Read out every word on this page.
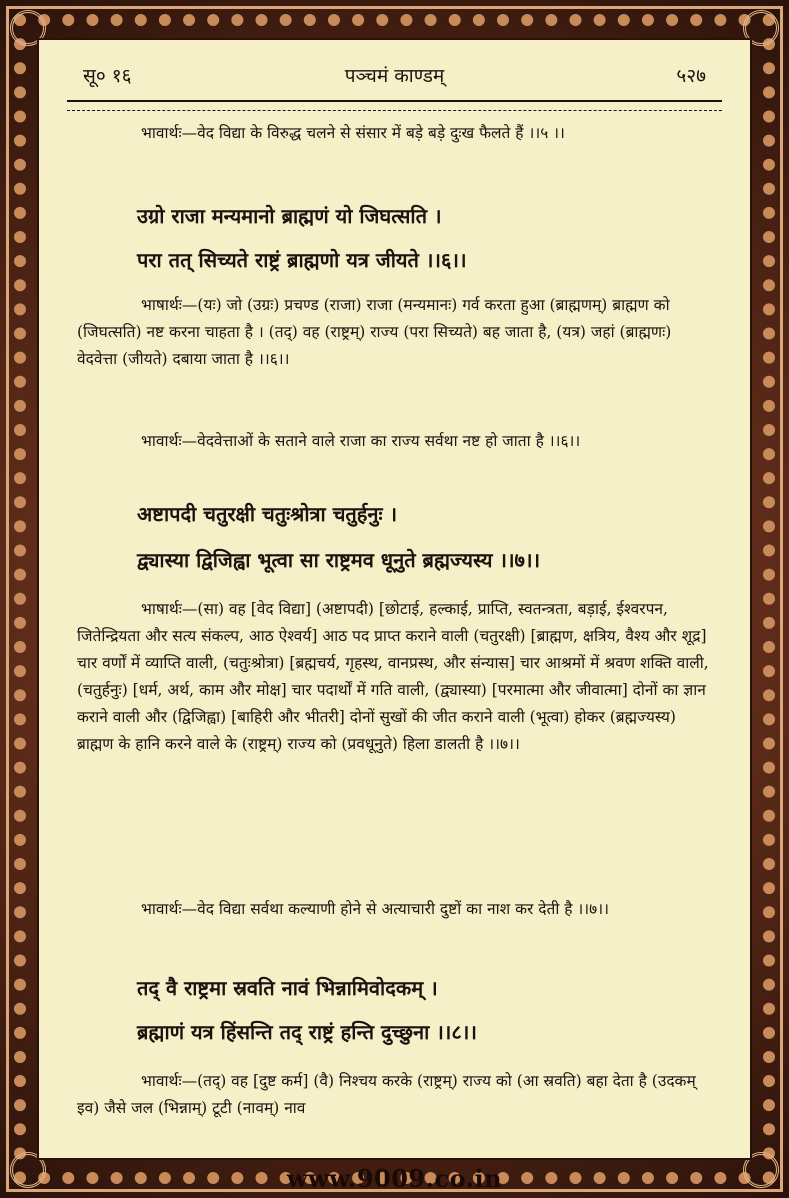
सू० १६	पञ्चमं काण्डम्	५२७
भावार्थः—वेद विद्या के विरुद्ध चलने से संसार में बड़े बड़े दुःख फैलते हैं ।।५ ।।
उग्रो राजा मन्यमानो ब्राह्मणं यो जिघत्सति ।
परा तत् सिच्यते राष्ट्रं ब्राह्मणो यत्र जीयते ।।६।।
भाषार्थः—(यः) जो (उग्रः) प्रचण्ड (राजा) राजा (मन्यमानः) गर्व करता हुआ (ब्राह्मणम्) ब्राह्मण को (जिघत्सति) नष्ट करना चाहता है । (तद्) वह (राष्ट्रम्) राज्य (परा सिच्यते) बह जाता है, (यत्र) जहां (ब्राह्मणः) वेदवेत्ता (जीयते) दबाया जाता है ।।६।।
भावार्थः—वेदवेत्ताओं के सताने वाले राजा का राज्य सर्वथा नष्ट हो जाता है ।।६।।
अष्टापदी चतुरक्षी चतुःश्रोत्रा चतुर्हनुः ।
द्व्यास्या द्विजिह्वा भूत्वा सा राष्ट्रमव धूनुते ब्रह्मज्यस्य ।।७।।
भाषार्थः—(सा) वह [वेद विद्या] (अष्टापदी) [छोटाई, हल्काई, प्राप्ति, स्वतन्त्रता, बड़ाई, ईश्वरपन, जितेन्द्रियता और सत्य संकल्प, आठ ऐश्वर्य] आठ पद प्राप्त कराने वाली (चतुरक्षी) [ब्राह्मण, क्षत्रिय, वैश्य और शूद्र] चार वर्णों में व्याप्ति वाली, (चतुःश्रोत्रा) [ब्रह्मचर्य, गृहस्थ, वानप्रस्थ, और संन्यास] चार आश्रमों में श्रवण शक्ति वाली, (चतुर्हनुः) [धर्म, अर्थ, काम और मोक्ष] चार पदार्थों में गति वाली, (द्व्यास्या) [परमात्मा और जीवात्मा] दोनों का ज्ञान कराने वाली और (द्विजिह्वा) [बाहिरी और भीतरी] दोनों सुखों की जीत कराने वाली (भूत्वा) होकर (ब्रह्मज्यस्य) ब्राह्मण के हानि करने वाले के (राष्ट्रम्) राज्य को (प्रवधूनुते) हिला डालती है ।।७।।
भावार्थः—वेद विद्या सर्वथा कल्याणी होने से अत्याचारी दुष्टों का नाश कर देती है ।।७।।
तद् वै राष्ट्रमा स्रवति नावं भिन्नामिवोदकम् ।
ब्रह्माणं यत्र हिंसन्ति तद् राष्ट्रं हन्ति दुच्छुना ।।८।।
भावार्थः—(तद्) वह [दुष्ट कर्म] (वै) निश्चय करके (राष्ट्रम्) राज्य को (आ स्रवति) बहा देता है (उदकम् इव) जैसे जल (भिन्नाम्) टूटी (नावम्) नाव
www.9009.co.in
